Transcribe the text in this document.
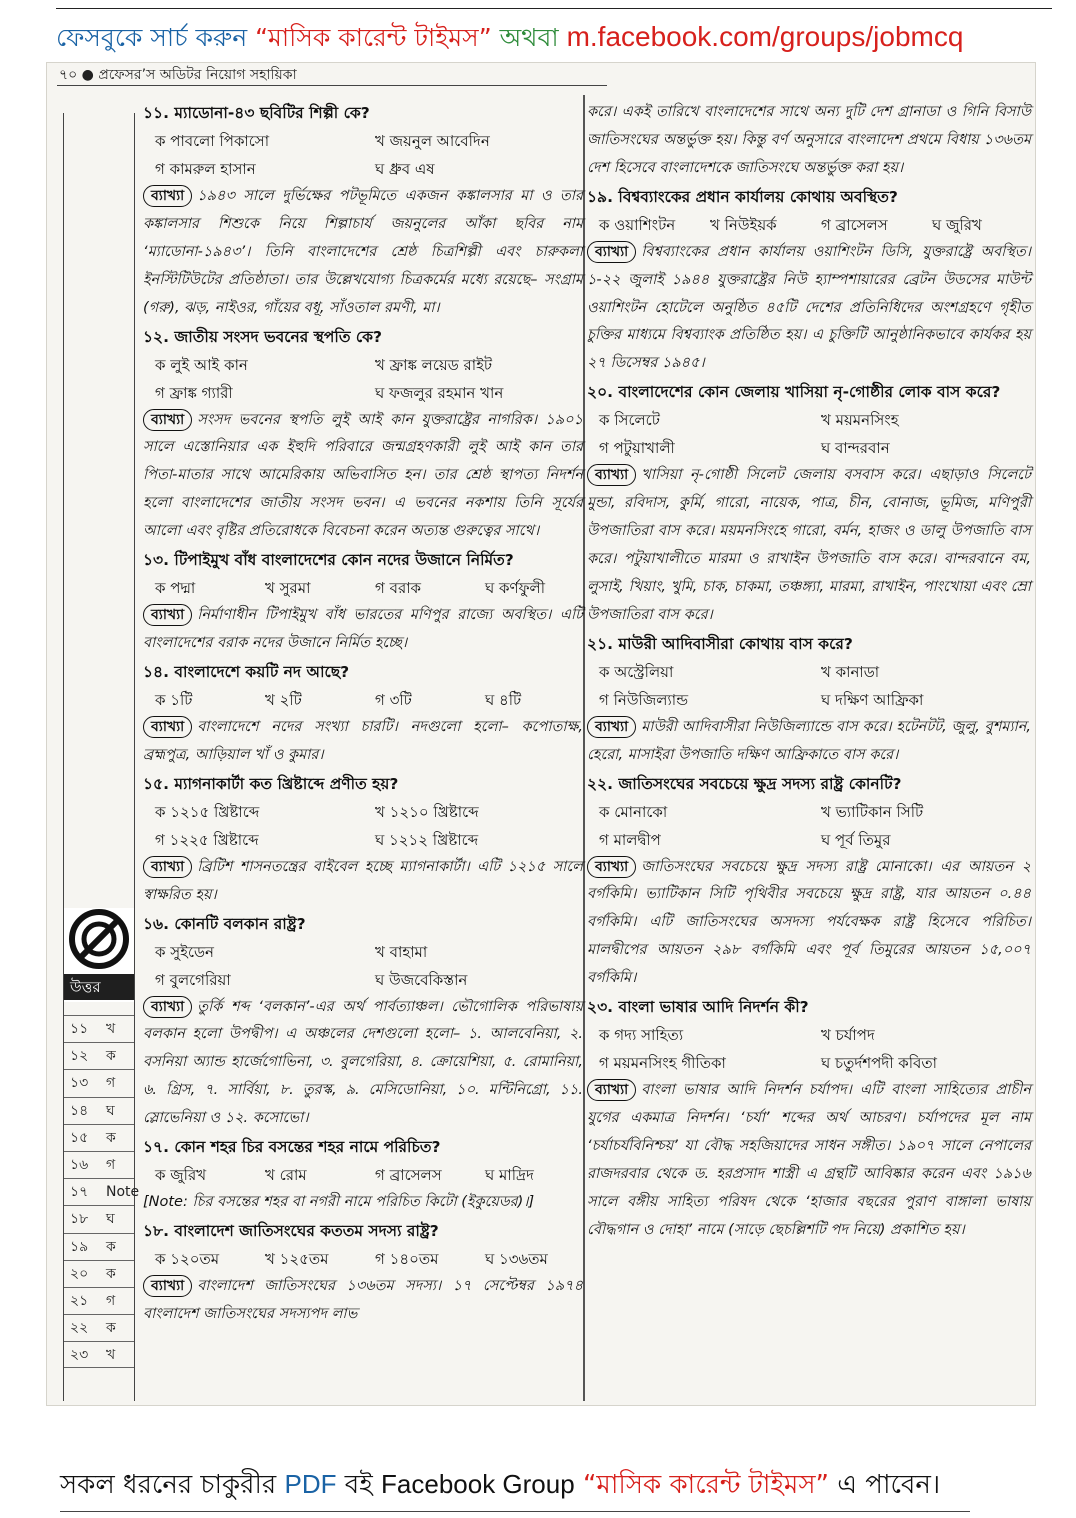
ফেসবুকে সার্চ করুন “মাসিক কারেন্ট টাইমস” অথবা m.facebook.com/groups/jobmcq
৭০ ● প্রফেসর’স অডিটর নিয়োগ সহায়িকা
উত্তর
১১	খ
১২	ক
১৩	গ
১৪	ঘ
১৫	ক
১৬	গ
১৭	Note
১৮	ঘ
১৯	ক
২০	ক
২১	গ
২২	ক
২৩	খ
১১. ম্যাডোনা-৪৩ ছবিটির শিল্পী কে?
ক পাবলো পিকাসো	খ জয়নুল আবেদিন
গ কামরুল হাসান	ঘ ধ্রুব এষ
ব্যাখ্যা ১৯৪৩ সালে দুর্ভিক্ষের পটভূমিতে একজন কঙ্কালসার মা ও তার কঙ্কালসার শিশুকে নিয়ে শিল্পাচার্য জয়নুলের আঁকা ছবির নাম ‘ম্যাডোনা-১৯৪৩’। তিনি বাংলাদেশের শ্রেষ্ঠ চিত্রশিল্পী এবং চারুকলা ইনস্টিটিউটের প্রতিষ্ঠাতা। তার উল্লেখযোগ্য চিত্রকর্মের মধ্যে রয়েছে– সংগ্রাম (গরু), ঝড়, নাইওর, গাঁয়ের বধূ, সাঁওতাল রমণী, মা।
১২. জাতীয় সংসদ ভবনের স্থপতি কে?
ক লুই আই কান	খ ফ্রাঙ্ক লয়েড রাইট
গ ফ্রাঙ্ক গ্যারী	ঘ ফজলুর রহমান খান
ব্যাখ্যা সংসদ ভবনের স্থপতি লুই আই কান যুক্তরাষ্ট্রের নাগরিক। ১৯০১ সালে এস্তোনিয়ার এক ইহুদি পরিবারে জন্মগ্রহণকারী লুই আই কান তার পিতা-মাতার সাথে আমেরিকায় অভিবাসিত হন। তার শ্রেষ্ঠ স্থাপত্য নিদর্শন হলো বাংলাদেশের জাতীয় সংসদ ভবন। এ ভবনের নকশায় তিনি সূর্যের আলো এবং বৃষ্টির প্রতিরোধকে বিবেচনা করেন অত্যন্ত গুরুত্বের সাথে।
১৩. টিপাইমুখ বাঁধ বাংলাদেশের কোন নদের উজানে নির্মিত?
ক পদ্মা	খ সুরমা	গ বরাক	ঘ কর্ণফুলী
ব্যাখ্যা নির্মাণাধীন টিপাইমুখ বাঁধ ভারতের মণিপুর রাজ্যে অবস্থিত। এটি বাংলাদেশের বরাক নদের উজানে নির্মিত হচ্ছে।
১৪. বাংলাদেশে কয়টি নদ আছে?
ক ১টি	খ ২টি	গ ৩টি	ঘ ৪টি
ব্যাখ্যা বাংলাদেশে নদের সংখ্যা চারটি। নদগুলো হলো– কপোতাক্ষ, ব্রহ্মপুত্র, আড়িয়াল খাঁ ও কুমার।
১৫. ম্যাগনাকার্টা কত খ্রিষ্টাব্দে প্রণীত হয়?
ক ১২১৫ খ্রিষ্টাব্দে	খ ১২১০ খ্রিষ্টাব্দে
গ ১২২৫ খ্রিষ্টাব্দে	ঘ ১২১২ খ্রিষ্টাব্দে
ব্যাখ্যা ব্রিটিশ শাসনতন্ত্রের বাইবেল হচ্ছে ম্যাগনাকার্টা। এটি ১২১৫ সালে স্বাক্ষরিত হয়।
১৬. কোনটি বলকান রাষ্ট্র?
ক সুইডেন	খ বাহামা
গ বুলগেরিয়া	ঘ উজবেকিস্তান
ব্যাখ্যা তুর্কি শব্দ ‘বলকান’-এর অর্থ পার্বত্যাঞ্চল। ভৌগোলিক পরিভাষায় বলকান হলো উপদ্বীপ। এ অঞ্চলের দেশগুলো হলো– ১. আলবেনিয়া, ২. বসনিয়া অ্যান্ড হার্জেগোভিনা, ৩. বুলগেরিয়া, ৪. ক্রোয়েশিয়া, ৫. রোমানিয়া, ৬. গ্রিস, ৭. সার্বিয়া, ৮. তুরস্ক, ৯. মেসিডোনিয়া, ১০. মন্টিনিগ্রো, ১১. স্লোভেনিয়া ও ১২. কসোভো।
১৭. কোন শহর চির বসন্তের শহর নামে পরিচিত?
ক জুরিখ	খ রোম	গ ব্রাসেলস	ঘ মাদ্রিদ
[Note: চির বসন্তের শহর বা নগরী নামে পরিচিত কিটো (ইকুয়েডর)।]
১৮. বাংলাদেশ জাতিসংঘের কততম সদস্য রাষ্ট্র?
ক ১২০তম	খ ১২৫তম	গ ১৪০তম	ঘ ১৩৬তম
ব্যাখ্যা বাংলাদেশ জাতিসংঘের ১৩৬তম সদস্য। ১৭ সেপ্টেম্বর ১৯৭৪ বাংলাদেশ জাতিসংঘের সদস্যপদ লাভ
করে। একই তারিখে বাংলাদেশের সাথে অন্য দুটি দেশ গ্রানাডা ও গিনি বিসাউ জাতিসংঘের অন্তর্ভুক্ত হয়। কিন্তু বর্ণ অনুসারে বাংলাদেশ প্রথমে বিধায় ১৩৬তম দেশ হিসেবে বাংলাদেশকে জাতিসংঘে অন্তর্ভুক্ত করা হয়।
১৯. বিশ্বব্যাংকের প্রধান কার্যালয় কোথায় অবস্থিত?
ক ওয়াশিংটন	খ নিউইয়র্ক	গ ব্রাসেলস	ঘ জুরিখ
ব্যাখ্যা বিশ্বব্যাংকের প্রধান কার্যালয় ওয়াশিংটন ডিসি, যুক্তরাষ্ট্রে অবস্থিত। ১-২২ জুলাই ১৯৪৪ যুক্তরাষ্ট্রের নিউ হ্যাম্পশায়ারের ব্রেটন উডসের মাউন্ট ওয়াশিংটন হোটেলে অনুষ্ঠিত ৪৫টি দেশের প্রতিনিধিদের অংশগ্রহণে গৃহীত চুক্তির মাধ্যমে বিশ্বব্যাংক প্রতিষ্ঠিত হয়। এ চুক্তিটি আনুষ্ঠানিকভাবে কার্যকর হয় ২৭ ডিসেম্বর ১৯৪৫।
২০. বাংলাদেশের কোন জেলায় খাসিয়া নৃ-গোষ্ঠীর লোক বাস করে?
ক সিলেটে	খ ময়মনসিংহ
গ পটুয়াখালী	ঘ বান্দরবান
ব্যাখ্যা খাসিয়া নৃ-গোষ্ঠী সিলেট জেলায় বসবাস করে। এছাড়াও সিলেটে মুন্ডা, রবিদাস, কুর্মি, গারো, নায়েক, পাত্র, চীন, বোনাজ, ভূমিজ, মণিপুরী উপজাতিরা বাস করে। ময়মনসিংহে গারো, বর্মন, হাজং ও ডালু উপজাতি বাস করে। পটুয়াখালীতে মারমা ও রাখাইন উপজাতি বাস করে। বান্দরবানে বম, লুসাই, খিয়াং, খুমি, চাক, চাকমা, তঞ্চঙ্গ্যা, মারমা, রাখাইন, পাংখোয়া এবং ম্রো উপজাতিরা বাস করে।
২১. মাউরী আদিবাসীরা কোথায় বাস করে?
ক অস্ট্রেলিয়া	খ কানাডা
গ নিউজিল্যান্ড	ঘ দক্ষিণ আফ্রিকা
ব্যাখ্যা মাউরী আদিবাসীরা নিউজিল্যান্ডে বাস করে। হটেনটট, জুলু, বুশম্যান, হেরো, মাসাইরা উপজাতি দক্ষিণ আফ্রিকাতে বাস করে।
২২. জাতিসংঘের সবচেয়ে ক্ষুদ্র সদস্য রাষ্ট্র কোনটি?
ক মোনাকো	খ ভ্যাটিকান সিটি
গ মালদ্বীপ	ঘ পূর্ব তিমুর
ব্যাখ্যা জাতিসংঘের সবচেয়ে ক্ষুদ্র সদস্য রাষ্ট্র মোনাকো। এর আয়তন ২ বর্গকিমি। ভ্যাটিকান সিটি পৃথিবীর সবচেয়ে ক্ষুদ্র রাষ্ট্র, যার আয়তন ০.৪৪ বর্গকিমি। এটি জাতিসংঘের অসদস্য পর্যবেক্ষক রাষ্ট্র হিসেবে পরিচিত। মালদ্বীপের আয়তন ২৯৮ বর্গকিমি এবং পূর্ব তিমুরের আয়তন ১৫,০০৭ বর্গকিমি।
২৩. বাংলা ভাষার আদি নিদর্শন কী?
ক গদ্য সাহিত্য	খ চর্যাপদ
গ ময়মনসিংহ গীতিকা	ঘ চতুর্দশপদী কবিতা
ব্যাখ্যা বাংলা ভাষার আদি নিদর্শন চর্যাপদ। এটি বাংলা সাহিত্যের প্রাচীন যুগের একমাত্র নিদর্শন। ‘চর্যা’ শব্দের অর্থ আচরণ। চর্যাপদের মূল নাম ‘চর্যাচর্যবিনিশ্চয়’ যা বৌদ্ধ সহজিয়াদের সাধন সঙ্গীত। ১৯০৭ সালে নেপালের রাজদরবার থেকে ড. হরপ্রসাদ শাস্ত্রী এ গ্রন্থটি আবিষ্কার করেন এবং ১৯১৬ সালে বঙ্গীয় সাহিত্য পরিষদ থেকে ‘হাজার বছরের পুরাণ বাঙ্গালা ভাষায় বৌদ্ধগান ও দোহা’ নামে (সাড়ে ছেচল্লিশটি পদ নিয়ে) প্রকাশিত হয়।
সকল ধরনের চাকুরীর PDF বই Facebook Group “মাসিক কারেন্ট টাইমস” এ পাবেন।
